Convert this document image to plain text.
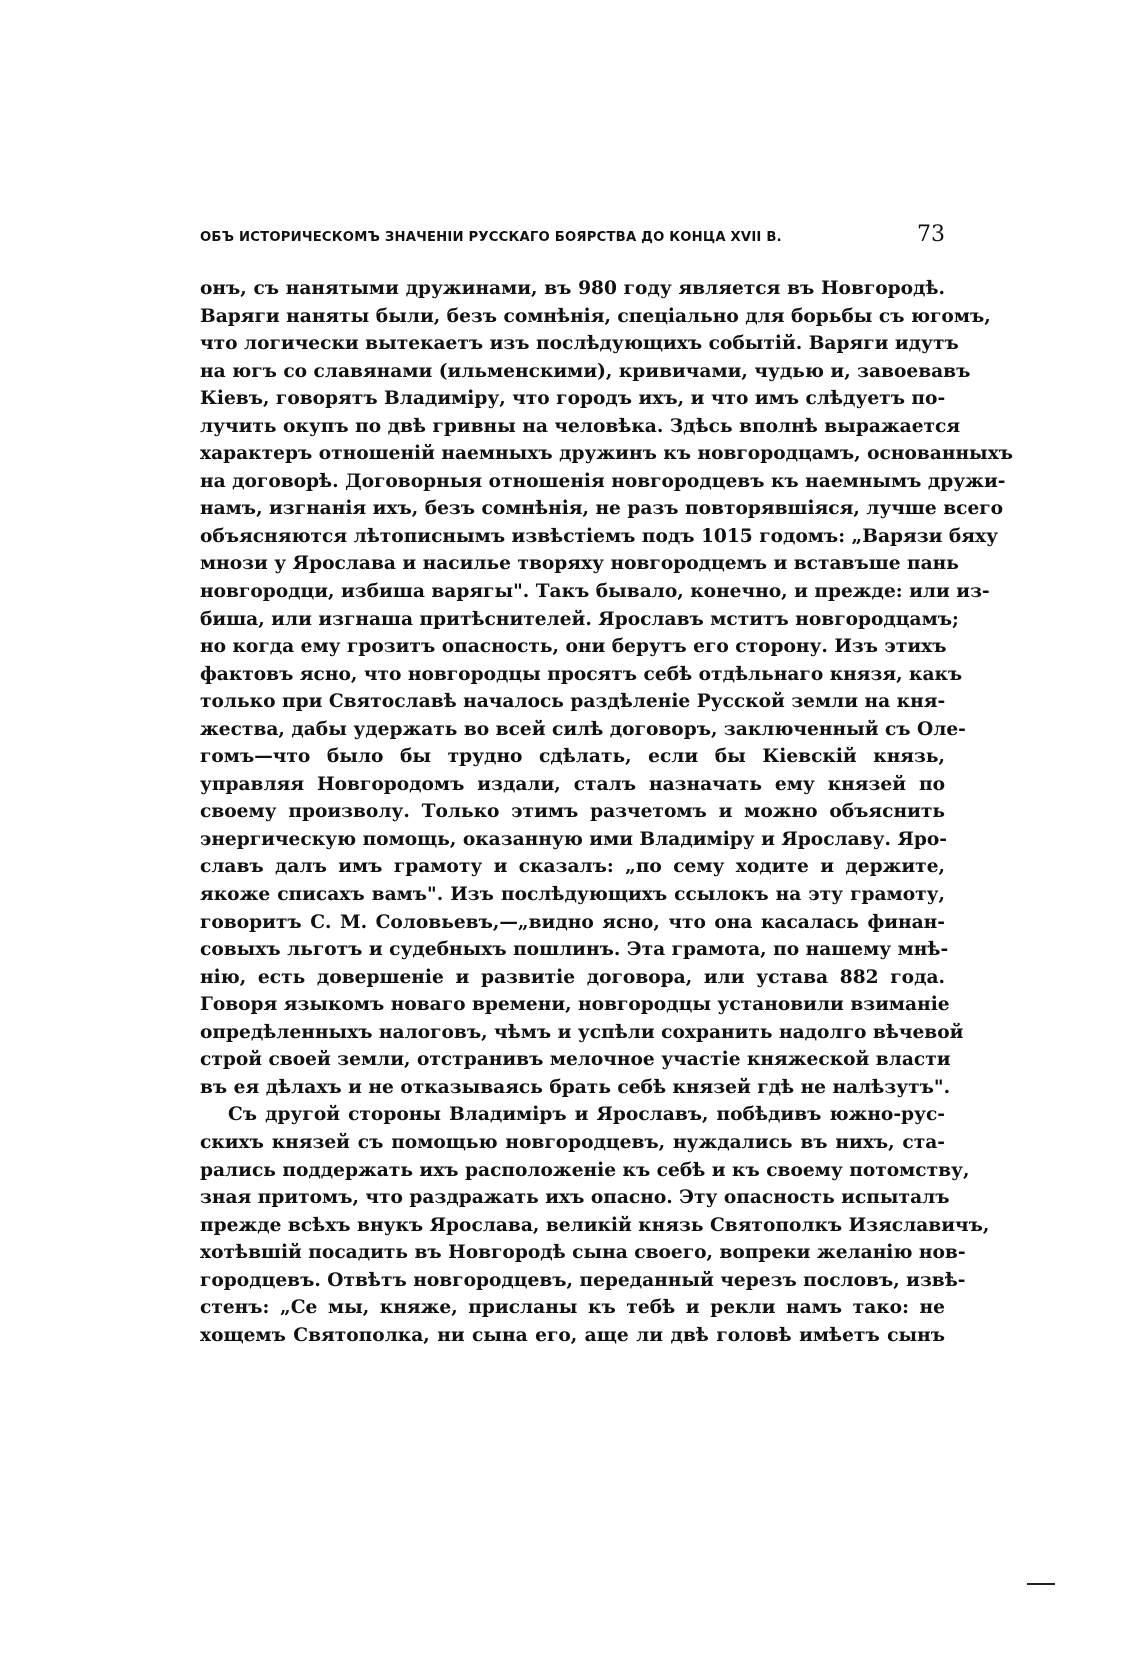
ОБЪ ИСТОРИЧЕСКОМЪ ЗНАЧЕНІИ РУССКАГО БОЯРСТВА ДО КОНЦА XVII В.	73
онъ, съ нанятыми дружинами, въ 980 году является въ Новгородѣ.
Варяги наняты были, безъ сомнѣнія, спеціально для борьбы съ югомъ,
что логически вытекаетъ изъ послѣдующихъ событій. Варяги идутъ
на югъ со славянами (ильменскими), кривичами, чудью и, завоевавъ
Кіевъ, говорятъ Владиміру, что городъ ихъ, и что имъ слѣдуетъ по-
лучить окупъ по двѣ гривны на человѣка. Здѣсь вполнѣ выражается
характеръ отношеній наемныхъ дружинъ къ новгородцамъ, основанныхъ
на договорѣ. Договорныя отношенія новгородцевъ къ наемнымъ дружи-
намъ, изгнанія ихъ, безъ сомнѣнія, не разъ повторявшіяся, лучше всего
объясняются лѣтописнымъ извѣстіемъ подъ 1015 годомъ: „Варязи бяху
мнози у Ярослава и насилье творяху новгородцемъ и вставъше пань
новгородци, избиша варягы". Такъ бывало, конечно, и прежде: или из-
биша, или изгнаша притѣснителей. Ярославъ мститъ новгородцамъ;
но когда ему грозитъ опасность, они берутъ его сторону. Изъ этихъ
фактовъ ясно, что новгородцы просятъ себѣ отдѣльнаго князя, какъ
только при Святославѣ началось раздѣленіе Русской земли на кня-
жества, дабы удержать во всей силѣ договоръ, заключенный съ Оле-
гомъ—что было бы трудно сдѣлать, если бы Кіевскій князь,
управляя Новгородомъ издали, сталъ назначать ему князей по
своему произволу. Только этимъ разчетомъ и можно объяснить
энергическую помощь, оказанную ими Владиміру и Ярославу. Яро-
славъ далъ имъ грамоту и сказалъ: „по сему ходите и держите,
якоже списахъ вамъ". Изъ послѣдующихъ ссылокъ на эту грамоту,
говоритъ С. М. Соловьевъ,—„видно ясно, что она касалась финан-
совыхъ льготъ и судебныхъ пошлинъ. Эта грамота, по нашему мнѣ-
нію, есть довершеніе и развитіе договора, или устава 882 года.
Говоря языкомъ новаго времени, новгородцы установили взиманіе
опредѣленныхъ налоговъ, чѣмъ и успѣли сохранить надолго вѣчевой
строй своей земли, отстранивъ мелочное участіе княжеской власти
въ ея дѣлахъ и не отказываясь брать себѣ князей гдѣ не налѣзутъ".
Съ другой стороны Владиміръ и Ярославъ, побѣдивъ южно-рус-
скихъ князей съ помощью новгородцевъ, нуждались въ нихъ, ста-
рались поддержать ихъ расположеніе къ себѣ и къ своему потомству,
зная притомъ, что раздражать ихъ опасно. Эту опасность испыталъ
прежде всѣхъ внукъ Ярослава, великій князь Святополкъ Изяславичъ,
хотѣвшій посадить въ Новгородѣ сына своего, вопреки желанію нов-
городцевъ. Отвѣтъ новгородцевъ, переданный черезъ пословъ, извѣ-
стенъ: „Се мы, княже, присланы къ тебѣ и рекли намъ тако: не
хощемъ Святополка, ни сына его, аще ли двѣ головѣ имѣетъ сынъ
